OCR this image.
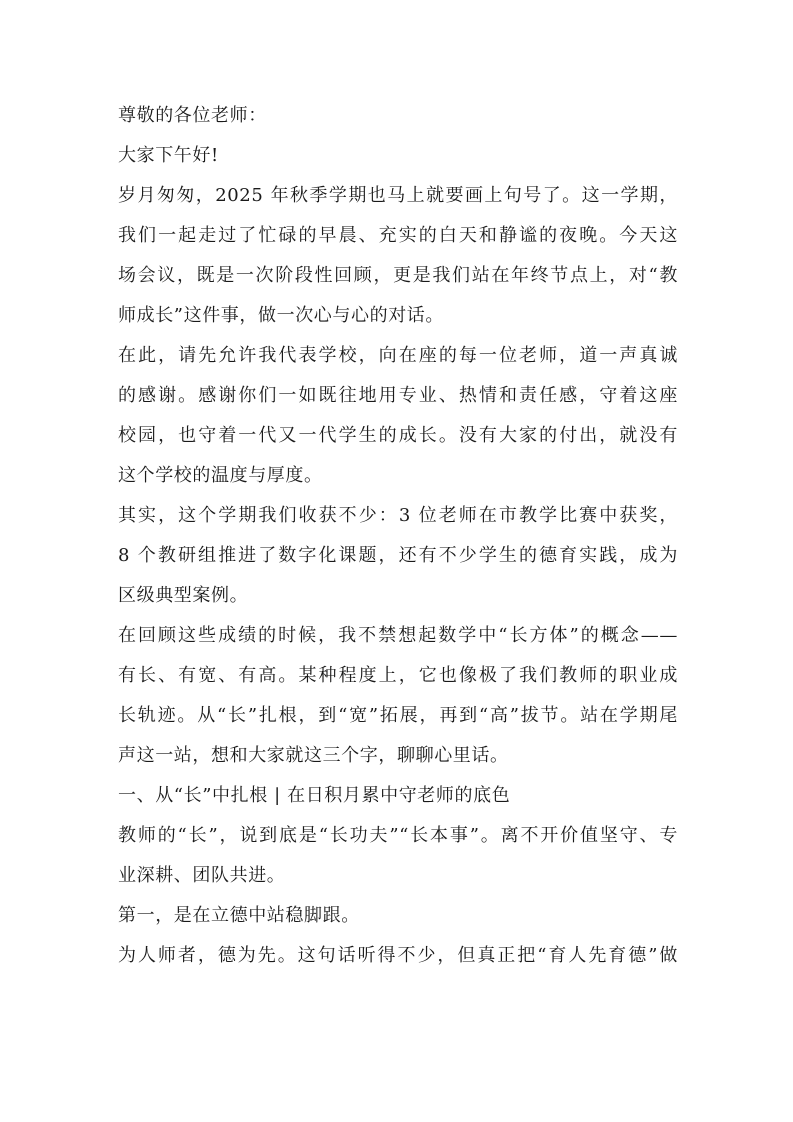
尊敬的各位老师：

大家下午好!

岁月匆匆，2025 年秋季学期也马上就要画上句号了。这一学期，

我们一起走过了忙碌的早晨、充实的白天和静谧的夜晚。今天这

场会议，既是一次阶段性回顾，更是我们站在年终节点上，对“教

师成长”这件事，做一次心与心的对话。

在此，请先允许我代表学校，向在座的每一位老师，道一声真诚

的感谢。感谢你们一如既往地用专业、热情和责任感，守着这座

校园，也守着一代又一代学生的成长。没有大家的付出，就没有

这个学校的温度与厚度。

其实，这个学期我们收获不少：3 位老师在市教学比赛中获奖，

8 个教研组推进了数字化课题，还有不少学生的德育实践，成为

区级典型案例。

在回顾这些成绩的时候，我不禁想起数学中“长方体”的概念——

有长、有宽、有高。某种程度上，它也像极了我们教师的职业成

长轨迹。从“长”扎根，到“宽”拓展，再到“高”拔节。站在学期尾

声这一站，想和大家就这三个字，聊聊心里话。

一、从“长”中扎根 | 在日积月累中守老师的底色

教师的“长”，说到底是“长功夫”“长本事”。离不开价值坚守、专

业深耕、团队共进。

第一，是在立德中站稳脚跟。

为人师者，德为先。这句话听得不少，但真正把“育人先育德”做
